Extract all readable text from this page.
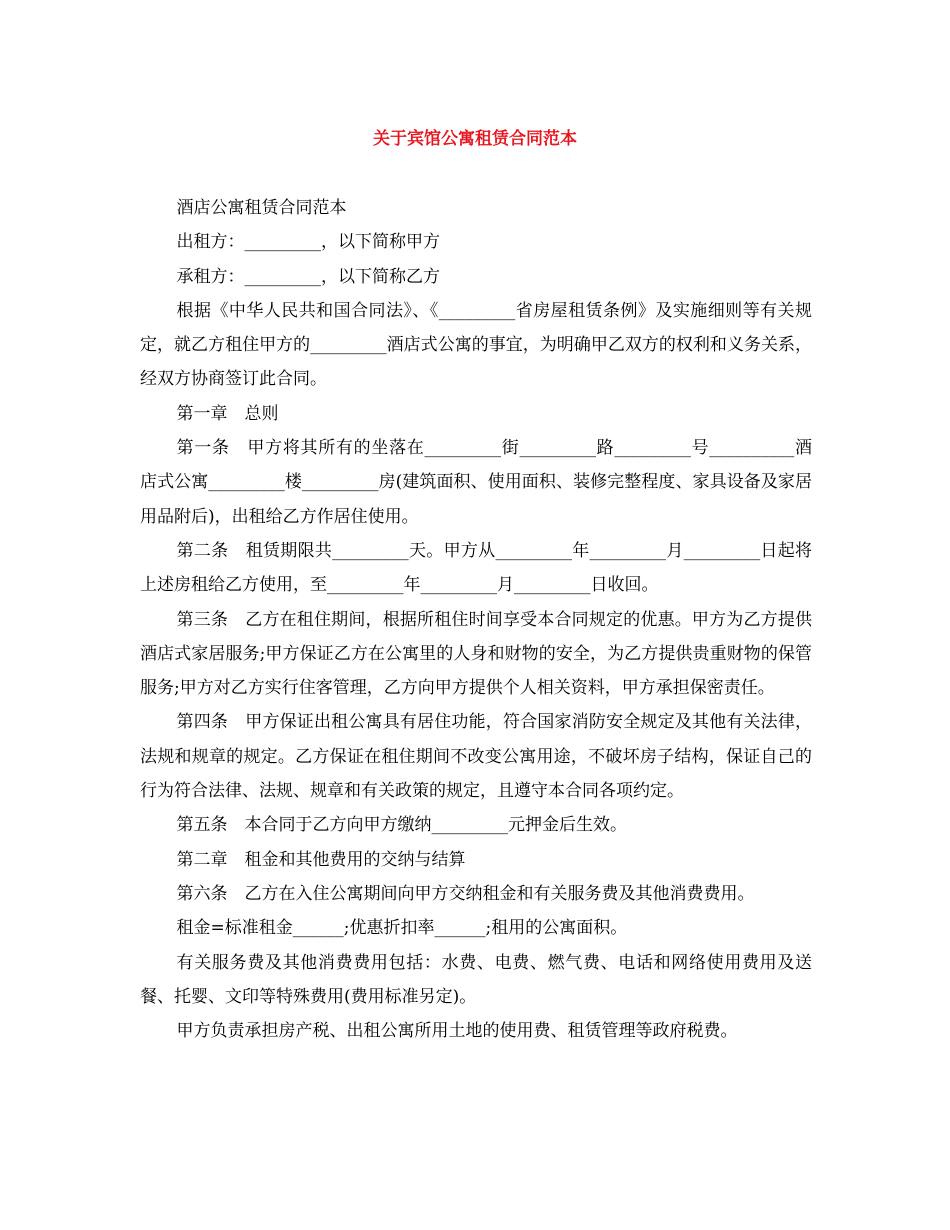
关于宾馆公寓租赁合同范本

酒店公寓租赁合同范本

出租方：_________，以下简称甲方

承租方：_________，以下简称乙方

根据《中华人民共和国合同法》、《_________省房屋租赁条例》及实施细则等有关规定，就乙方租住甲方的_________酒店式公寓的事宜，为明确甲乙双方的权利和义务关系，经双方协商签订此合同。

第一章　总则

第一条　甲方将其所有的坐落在_________街_________路_________号__________酒店式公寓_________楼_________房(建筑面积、使用面积、装修完整程度、家具设备及家居用品附后)，出租给乙方作居住使用。

第二条　租赁期限共_________天。甲方从_________年_________月_________日起将上述房租给乙方使用，至_________年_________月_________日收回。

第三条　乙方在租住期间，根据所租住时间享受本合同规定的优惠。甲方为乙方提供酒店式家居服务;甲方保证乙方在公寓里的人身和财物的安全，为乙方提供贵重财物的保管服务;甲方对乙方实行住客管理，乙方向甲方提供个人相关资料，甲方承担保密责任。

第四条　甲方保证出租公寓具有居住功能，符合国家消防安全规定及其他有关法律，法规和规章的规定。乙方保证在租住期间不改变公寓用途，不破坏房子结构，保证自己的行为符合法律、法规、规章和有关政策的规定，且遵守本合同各项约定。

第五条　本合同于乙方向甲方缴纳_________元押金后生效。

第二章　租金和其他费用的交纳与结算

第六条　乙方在入住公寓期间向甲方交纳租金和有关服务费及其他消费费用。

租金=标准租金______;优惠折扣率______;租用的公寓面积。

有关服务费及其他消费费用包括：水费、电费、燃气费、电话和网络使用费用及送餐、托婴、文印等特殊费用(费用标准另定)。

甲方负责承担房产税、出租公寓所用土地的使用费、租赁管理等政府税费。
